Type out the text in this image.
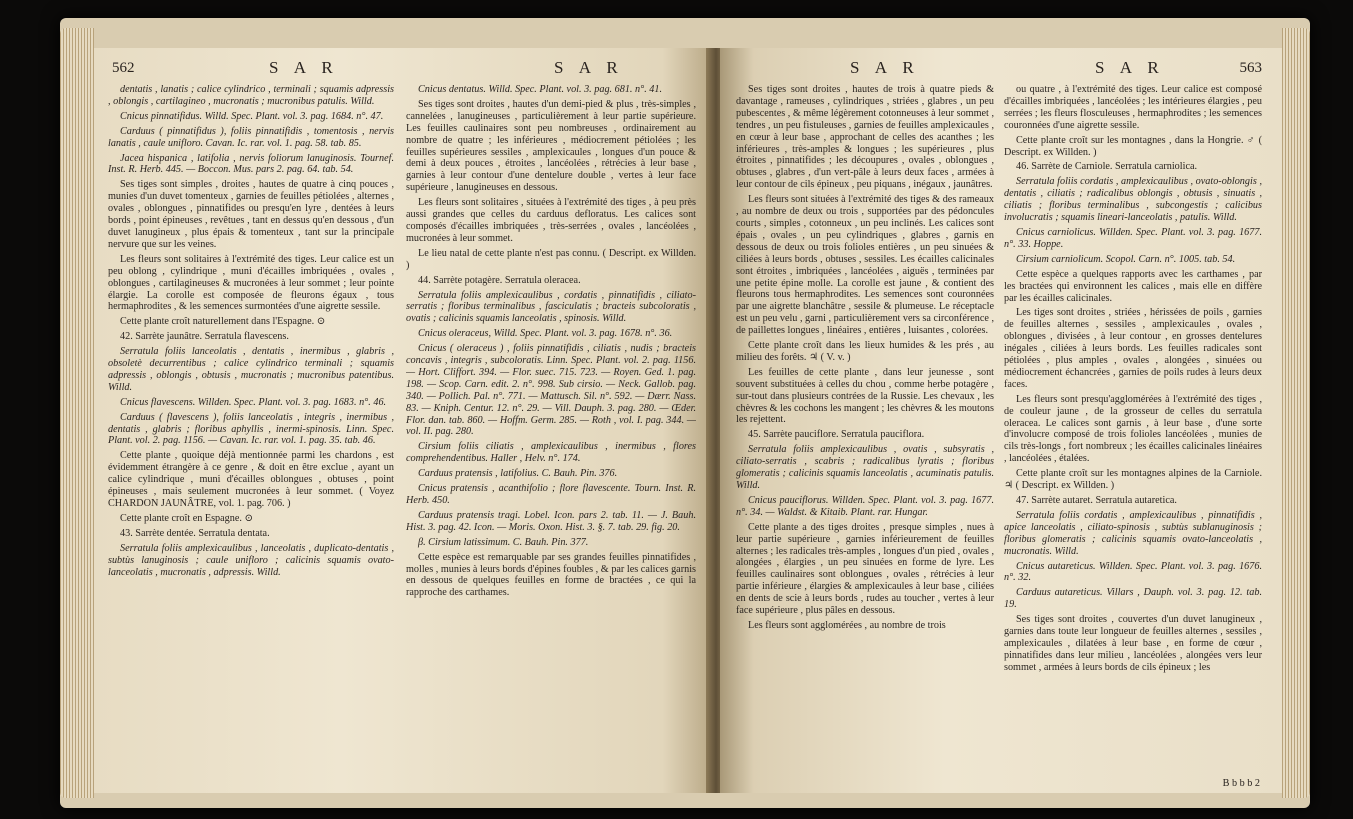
562	S A R	S A R

dentatis , lanatis ; calice cylindrico , terminali ; squamis adpressis , oblongis , cartilagineo , mucronatis ; mucronibus patulis. Willd.

Cnicus pinnatifidus. Willd. Spec. Plant. vol. 3. pag. 1684. n°. 47.

Carduus ( pinnatifidus ), foliis pinnatifidis , tomentosis , nervis lanatis , caule unifloro. Cavan. Ic. rar. vol. 1. pag. 58. tab. 85.

Jacea hispanica , latifolia , nervis foliorum lanuginosis. Tournef. Inst. R. Herb. 445. — Boccon. Mus. pars 2. pag. 64. tab. 54.

Ses tiges sont simples , droites , hautes de quatre à cinq pouces , munies d'un duvet tomenteux , garnies de feuilles pétiolées , alternes , ovales , oblongues , pinnatifides ou presqu'en lyre , dentées à leurs bords , point épineuses , revêtues , tant en dessus qu'en dessous , d'un duvet lanugineux , plus épais & tomenteux , tant sur la principale nervure que sur les veines.

Les fleurs sont solitaires à l'extrémité des tiges. Leur calice est un peu oblong , cylindrique , muni d'écailles imbriquées , ovales , oblongues , cartilagineuses & mucronées à leur sommet ; leur pointe élargie. La corolle est composée de fleurons égaux , tous hermaphrodites , & les semences surmontées d'une aigrette sessile.

Cette plante croît naturellement dans l'Espagne. ⊙

42. Sarrète jaunâtre. Serratula flavescens.

Serratula foliis lanceolatis , dentatis , inermibus , glabris , obsoletè decurrentibus ; calice cylindrico terminali ; squamis adpressis , oblongis , obtusis , mucronatis ; mucronibus patentibus. Willd.

Cnicus flavescens. Willden. Spec. Plant. vol. 3. pag. 1683. n°. 46.

Carduus ( flavescens ), foliis lanceolatis , integris , inermibus , dentatis , glabris ; floribus aphyllis , inermi-spinosis. Linn. Spec. Plant. vol. 2. pag. 1156. — Cavan. Ic. rar. vol. 1. pag. 35. tab. 46.

Cette plante , quoique déjà mentionnée parmi les chardons , est évidemment étrangère à ce genre , & doit en être exclue , ayant un calice cylindrique , muni d'écailles oblongues , obtuses , point épineuses , mais seulement mucronées à leur sommet. ( Voyez CHARDON JAUNÂTRE, vol. 1. pag. 706. )

Cette plante croît en Espagne. ⊙

43. Sarrète dentée. Serratula dentata.

Serratula foliis amplexicaulibus , lanceolatis , duplicato-dentatis , subtùs lanuginosis ; caule unifloro ; calicinis squamis ovato-lanceolatis , mucronatis , adpressis. Willd.

Cnicus dentatus. Willd. Spec. Plant. vol. 3. pag. 681. n°. 41.

Ses tiges sont droites , hautes d'un demi-pied & plus , très-simples , cannelées , lanugineuses , particulièrement à leur partie supérieure. Les feuilles caulinaires sont peu nombreuses , ordinairement au nombre de quatre ; les inférieures , médiocrement pétiolées ; les feuilles supérieures sessiles , amplexicaules , longues d'un pouce & demi à deux pouces , étroites , lancéolées , rétrécies à leur base , garnies à leur contour d'une dentelure double , vertes à leur face supérieure , lanugineuses en dessous.

Les fleurs sont solitaires , situées à l'extrémité des tiges , à peu près aussi grandes que celles du carduus defloratus. Les calices sont composés d'écailles imbriquées , très-serrées , ovales , lancéolées , mucronées à leur sommet.

Le lieu natal de cette plante n'est pas connu. ( Descript. ex Willden. )

44. Sarrète potagère. Serratula oleracea.

Serratula foliis amplexicaulibus , cordatis , pinnatifidis , ciliato-serratis ; floribus terminalibus , fasciculatis ; bracteis subcoloratis , ovatis ; calicinis squamis lanceolatis , spinosis. Willd.

Cnicus oleraceus, Willd. Spec. Plant. vol. 3. pag. 1678. n°. 36.

Cnicus ( oleraceus ) , foliis pinnatifidis , ciliatis , nudis ; bracteis concavis , integris , subcoloratis. Linn. Spec. Plant. vol. 2. pag. 1156. — Hort. Cliffort. 394. — Flor. suec. 715. 723. — Royen. Ged. 1. pag. 198. — Scop. Carn. edit. 2. n°. 998. Sub cirsio. — Neck. Gallob. pag. 340. — Pollich. Pal. n°. 771. — Mattusch. Sil. n°. 592. — Dærr. Nass. 83. — Kniph. Centur. 12. n°. 29. — Vill. Dauph. 3. pag. 280. — Œder. Flor. dan. tab. 860. — Hoffm. Germ. 285. — Roth , vol. I. pag. 344. — vol. II. pag. 280.

Cirsium foliis ciliatis , amplexicaulibus , inermibus , flores comprehendentibus. Haller , Helv. n°. 174.

Carduus pratensis , latifolius. C. Bauh. Pin. 376.

Cnicus pratensis , acanthifolio ; flore flavescente. Tourn. Inst. R. Herb. 450.

Carduus pratensis tragi. Lobel. Icon. pars 2. tab. 11. — J. Bauh. Hist. 3. pag. 42. Icon. — Moris. Oxon. Hist. 3. §. 7. tab. 29. fig. 20.

β. Cirsium latissimum. C. Bauh. Pin. 377.

Cette espèce est remarquable par ses grandes feuilles pinnatifides , molles , munies à leurs bords d'épines foubles , & par les calices garnis en dessous de quelques feuilles en forme de bractées , ce qui la rapproche des carthames.

S A R	S A R	563

Ses tiges sont droites , hautes de trois à quatre pieds & davantage , rameuses , cylindriques , striées , glabres , un peu pubescentes , & même légèrement cotonneuses à leur sommet , tendres , un peu fistuleuses , garnies de feuilles amplexicaules , en cœur à leur base , approchant de celles des acanthes ; les inférieures , très-amples & longues ; les supérieures , plus étroites , pinnatifides ; les découpures , ovales , oblongues , obtuses , glabres , d'un vert-pâle à leurs deux faces , armées à leur contour de cils épineux , peu piquans , inégaux , jaunâtres.

Les fleurs sont situées à l'extrémité des tiges & des rameaux , au nombre de deux ou trois , supportées par des pédoncules courts , simples , cotonneux , un peu inclinés. Les calices sont épais , ovales , un peu cylindriques , glabres , garnis en dessous de deux ou trois folioles entières , un peu sinuées & ciliées à leurs bords , obtuses , sessiles. Les écailles calicinales sont étroites , imbriquées , lancéolées , aiguës , terminées par une petite épine molle. La corolle est jaune , & contient des fleurons tous hermaphrodites. Les semences sont couronnées par une aigrette blanchâtre , sessile & plumeuse. Le réceptacle est un peu velu , garni , particulièrement vers sa circonférence , de paillettes longues , linéaires , entières , luisantes , colorées.

Cette plante croît dans les lieux humides & les prés , au milieu des forêts. ♃ ( V. v. )

Les feuilles de cette plante , dans leur jeunesse , sont souvent substituées à celles du chou , comme herbe potagère , sur-tout dans plusieurs contrées de la Russie. Les chevaux , les chèvres & les cochons les mangent ; les chèvres & les moutons les rejettent.

45. Sarrète pauciflore. Serratula pauciflora.

Serratula foliis amplexicaulibus , ovatis , subsyratis , ciliato-serratis , scabris ; radicalibus lyratis ; floribus glomeratis ; calicinis squamis lanceolatis , acuminatis patulis. Willd.

Cnicus pauciflorus. Willden. Spec. Plant. vol. 3. pag. 1677. n°. 34. — Waldst. & Kitaib. Plant. rar. Hungar.

Cette plante a des tiges droites , presque simples , nues à leur partie supérieure , garnies inférieurement de feuilles alternes ; les radicales très-amples , longues d'un pied , ovales , alongées , élargies , un peu sinuées en forme de lyre. Les feuilles caulinaires sont oblongues , ovales , rétrécies à leur partie inférieure , élargies & amplexicaules à leur base , ciliées en dents de scie à leurs bords , rudes au toucher , vertes à leur face supérieure , plus pâles en dessous.

Les fleurs sont agglomérées , au nombre de trois

ou quatre , à l'extrémité des tiges. Leur calice est composé d'écailles imbriquées , lancéolées ; les intérieures élargies , peu serrées ; les fleurs flosculeuses , hermaphrodites ; les semences couronnées d'une aigrette sessile.

Cette plante croît sur les montagnes , dans la Hongrie. ♂ ( Descript. ex Willden. )

46. Sarrète de Carniole. Serratula carniolica.

Serratula foliis cordatis , amplexicaulibus , ovato-oblongis , dentatis , ciliatis ; radicalibus oblongis , obtusis , sinuatis , ciliatis ; floribus terminalibus , subcongestis ; calicibus involucratis ; squamis lineari-lanceolatis , patulis. Willd.

Cnicus carniolicus. Willden. Spec. Plant. vol. 3. pag. 1677. n°. 33. Hoppe.

Cirsium carniolicum. Scopol. Carn. n°. 1005. tab. 54.

Cette espèce a quelques rapports avec les carthames , par les bractées qui environnent les calices , mais elle en diffère par les écailles calicinales.

Les tiges sont droites , striées , hérissées de poils , garnies de feuilles alternes , sessiles , amplexicaules , ovales , oblongues , divisées , à leur contour , en grosses dentelures inégales , ciliées à leurs bords. Les feuilles radicales sont pétiolées , plus amples , ovales , alongées , sinuées ou médiocrement échancrées , garnies de poils rudes à leurs deux faces.

Les fleurs sont presqu'agglomérées à l'extrémité des tiges , de couleur jaune , de la grosseur de celles du serratula oleracea. Le calices sont garnis , à leur base , d'une sorte d'involucre composé de trois folioles lancéolées , munies de cils très-longs , fort nombreux ; les écailles calicinales linéaires , lancéolées , étalées.

Cette plante croît sur les montagnes alpines de la Carniole. ♃ ( Descript. ex Willden. )

47. Sarrète autaret. Serratula autaretica.

Serratula foliis cordatis , amplexicaulibus , pinnatifidis , apice lanceolatis , ciliato-spinosis , subtùs sublanuginosis ; floribus glomeratis ; calicinis squamis ovato-lanceolatis , mucronatis. Willd.

Cnicus autareticus. Willden. Spec. Plant. vol. 3. pag. 1676. n°. 32.

Carduus autareticus. Villars , Dauph. vol. 3. pag. 12. tab. 19.

Ses tiges sont droites , couvertes d'un duvet lanugineux , garnies dans toute leur longueur de feuilles alternes , sessiles , amplexicaules , dilatées à leur base , en forme de cœur , pinnatifides dans leur milieu , lancéolées , alongées vers leur sommet , armées à leurs bords de cils épineux ; les

B b b b 2
